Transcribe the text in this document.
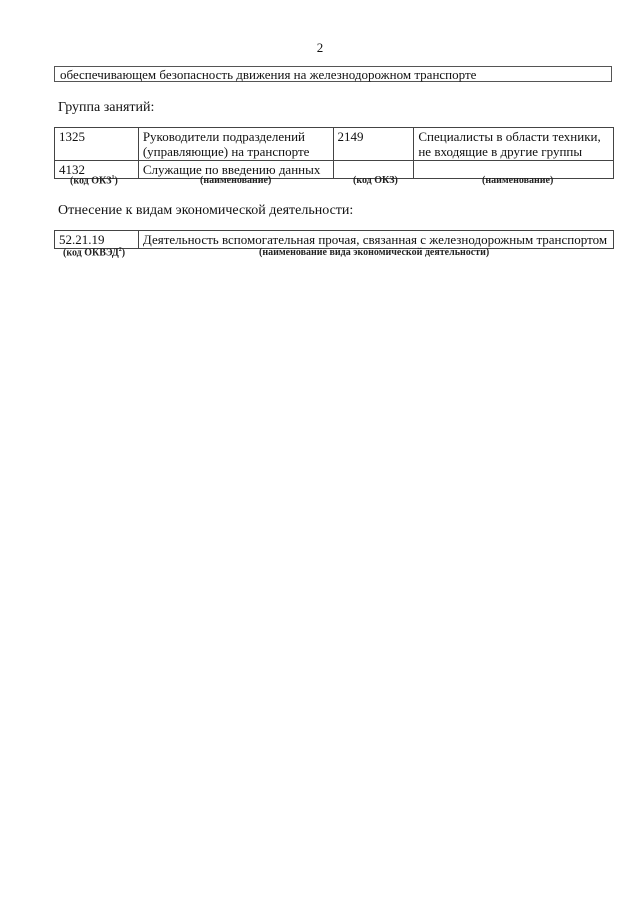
2
обеспечивающем безопасность движения на железнодорожном транспорте
Группа занятий:
1325	Руководители подразделений (управляющие) на транспорте	2149	Специалисты в области техники, не входящие в другие группы
4132	Служащие по введению данных		
(код ОКЗ$^1$)	(наименование)	(код ОКЗ)	(наименование)
Отнесение к видам экономической деятельности:
52.21.19	Деятельность вспомогательная прочая, связанная с железнодорожным транспортом
(код ОКВЭД$^2$)	(наименование вида экономической деятельности)
